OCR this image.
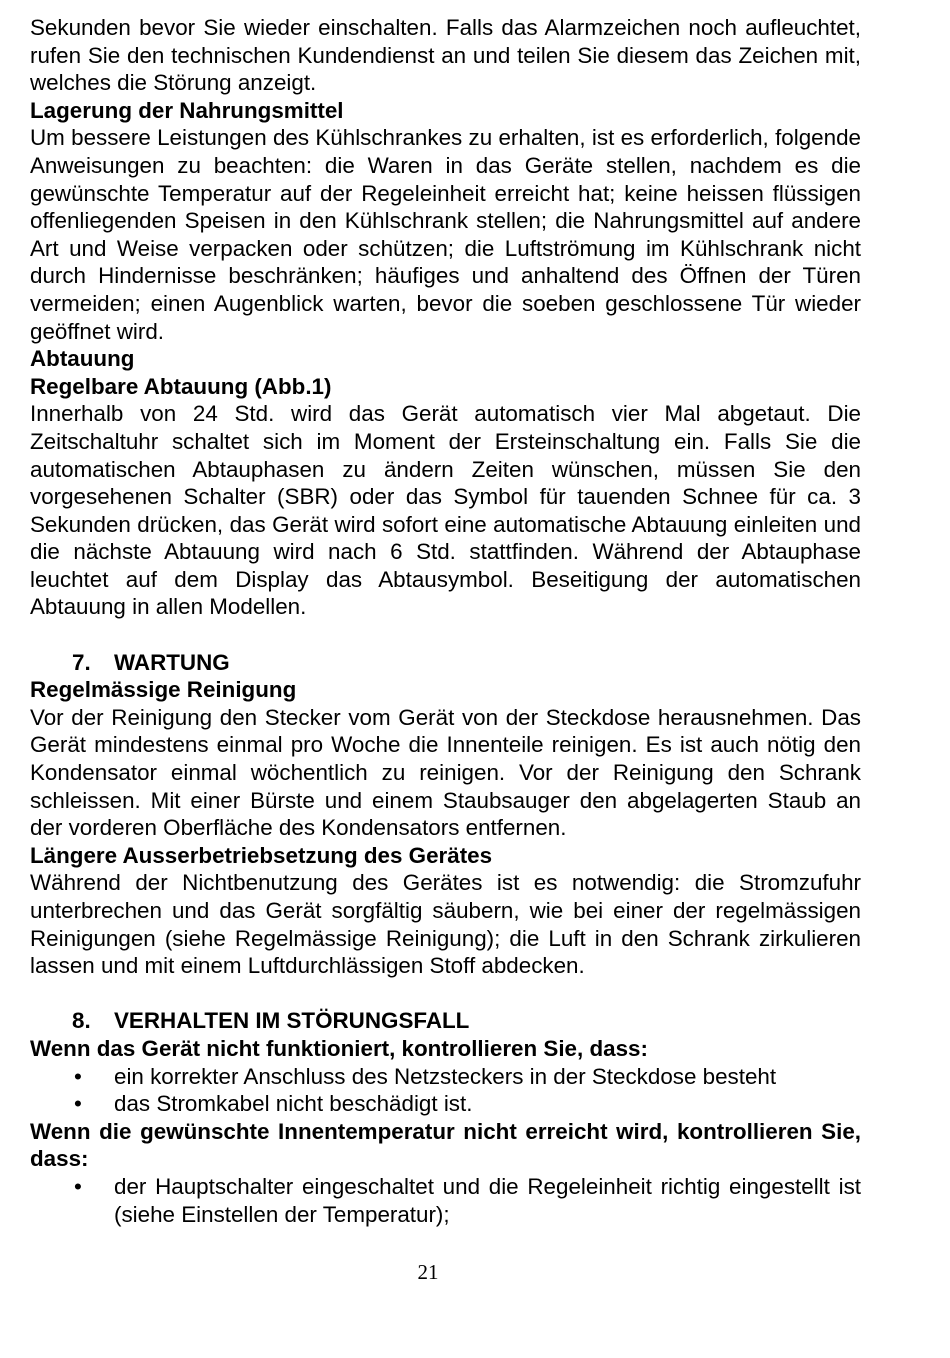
Sekunden bevor Sie wieder einschalten. Falls das Alarmzeichen noch aufleuchtet, rufen Sie den technischen Kundendienst an und teilen Sie diesem das Zeichen mit, welches die Störung anzeigt.

Lagerung der Nahrungsmittel

Um bessere Leistungen des Kühlschrankes zu erhalten, ist es erforderlich, folgende Anweisungen zu beachten: die Waren in das Geräte stellen, nachdem es die gewünschte Temperatur auf der Regeleinheit erreicht hat; keine heissen flüssigen offenliegenden Speisen in den Kühlschrank stellen; die Nahrungsmittel auf andere Art und Weise verpacken oder schützen; die Luftströmung im Kühlschrank nicht durch Hindernisse beschränken; häufiges und anhaltend des Öffnen der Türen vermeiden; einen Augenblick warten, bevor die soeben geschlossene Tür wieder geöffnet wird.

Abtauung

Regelbare Abtauung (Abb.1)

Innerhalb von 24 Std. wird das Gerät automatisch vier Mal abgetaut. Die Zeitschaltuhr schaltet sich im Moment der Ersteinschaltung ein. Falls Sie die automatischen Abtauphasen zu ändern Zeiten wünschen, müssen Sie den vorgesehenen Schalter (SBR) oder das Symbol für tauenden Schnee für ca. 3 Sekunden drücken, das Gerät wird sofort eine automatische Abtauung einleiten und die nächste Abtauung wird nach 6 Std. stattfinden. Während der Abtauphase leuchtet auf dem Display das Abtausymbol. Beseitigung der automatischen Abtauung in allen Modellen.

7. WARTUNG

Regelmässige Reinigung

Vor der Reinigung den Stecker vom Gerät von der Steckdose herausnehmen. Das Gerät mindestens einmal pro Woche die Innenteile reinigen. Es ist auch nötig den Kondensator einmal wöchentlich zu reinigen. Vor der Reinigung den Schrank schleissen. Mit einer Bürste und einem Staubsauger den abgelagerten Staub an der vorderen Oberfläche des Kondensators entfernen.

Längere Ausserbetriebsetzung des Gerätes

Während der Nichtbenutzung des Gerätes ist es notwendig: die Stromzufuhr unterbrechen und das Gerät sorgfältig säubern, wie bei einer der regelmässigen Reinigungen (siehe Regelmässige Reinigung); die Luft in den Schrank zirkulieren lassen und mit einem Luftdurchlässigen Stoff abdecken.

8. VERHALTEN IM STÖRUNGSFALL

Wenn das Gerät nicht funktioniert, kontrollieren Sie, dass:

• ein korrekter Anschluss des Netzsteckers in der Steckdose besteht
• das Stromkabel nicht beschädigt ist.

Wenn die gewünschte Innentemperatur nicht erreicht wird, kontrollieren Sie, dass:

• der Hauptschalter eingeschaltet und die Regeleinheit richtig eingestellt ist (siehe Einstellen der Temperatur);
21
